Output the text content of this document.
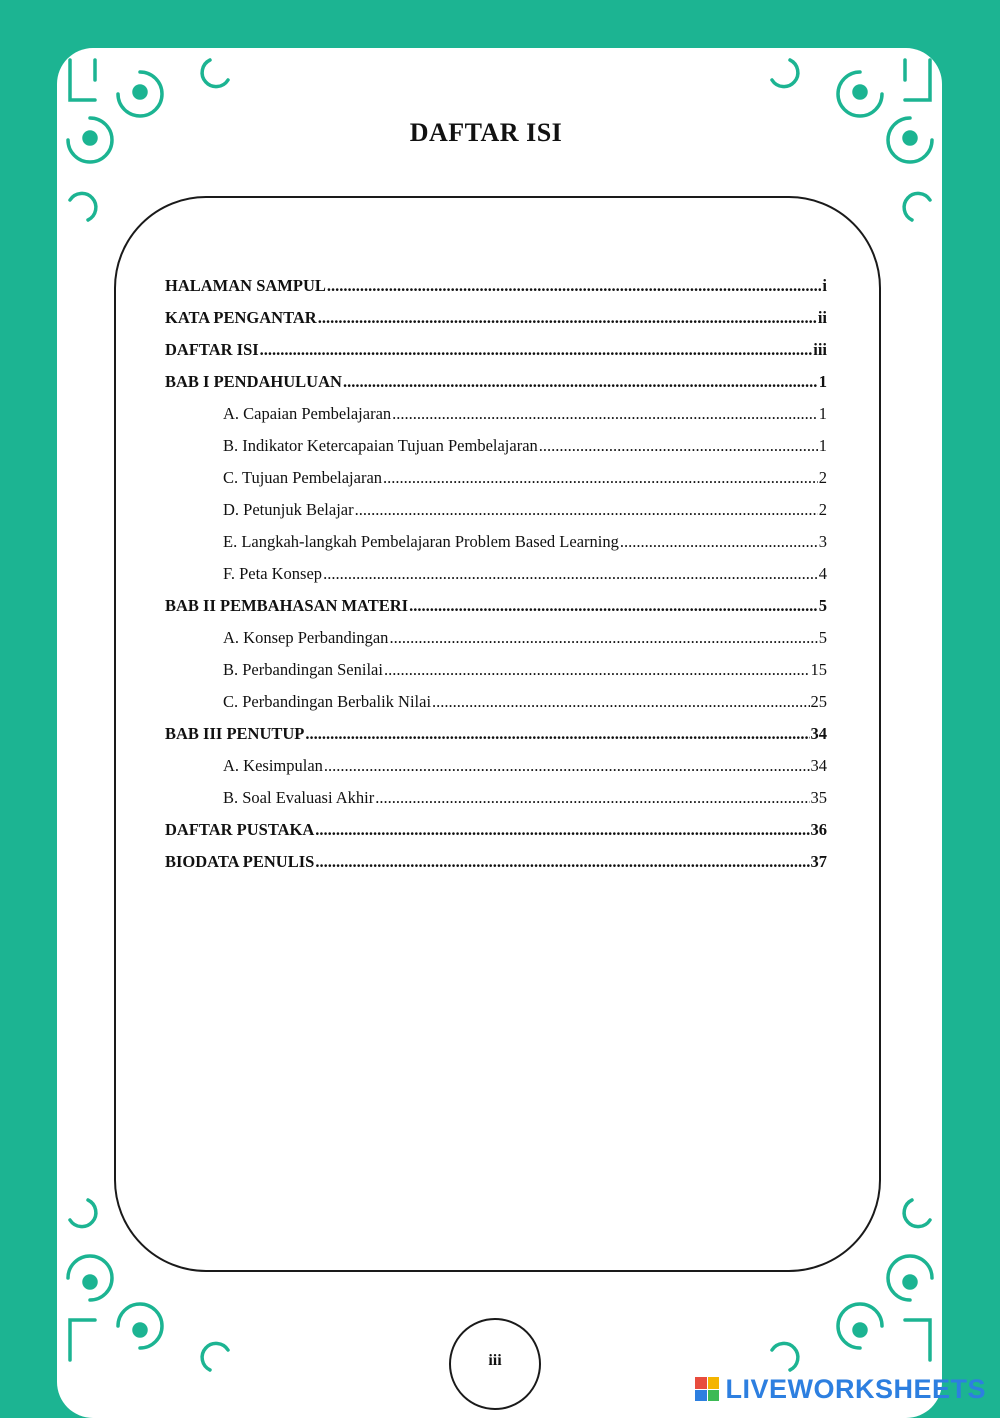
DAFTAR ISI
HALAMAN SAMPUL .....	i
KATA PENGANTAR .....	ii
DAFTAR ISI .....	iii
BAB I PENDAHULUAN .....	1
A. Capaian Pembelajaran .....	1
B. Indikator Ketercapaian Tujuan Pembelajaran .....	1
C. Tujuan Pembelajaran .....	2
D. Petunjuk Belajar .....	2
E. Langkah-langkah Pembelajaran Problem Based Learning .....	3
F. Peta Konsep .....	4
BAB II PEMBAHASAN MATERI .....	5
A. Konsep Perbandingan .....	5
B. Perbandingan Senilai .....	15
C. Perbandingan Berbalik Nilai .....	25
BAB III PENUTUP .....	34
A. Kesimpulan .....	34
B. Soal Evaluasi Akhir .....	35
DAFTAR PUSTAKA .....	36
BIODATA PENULIS .....	37
iii
LIVEWORKSHEETS
